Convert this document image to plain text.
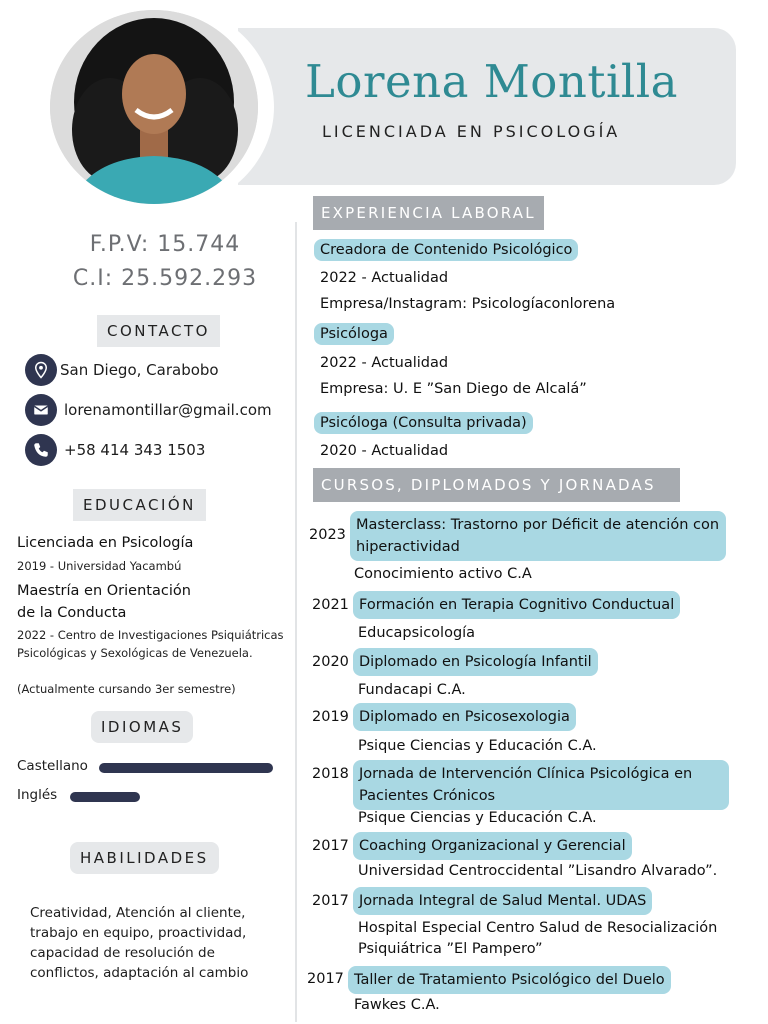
Lorena Montilla
LICENCIADA EN PSICOLOGÍA
F.P.V: 15.744
C.I: 25.592.293
CONTACTO
San Diego, Carabobo
lorenamontillar@gmail.com
+58 414 343 1503
EDUCACIÓN
Licenciada en Psicología
2019 - Universidad Yacambú
Maestría en Orientación
de la Conducta
2022 - Centro de Investigaciones Psiquiátricas Psicológicas y Sexológicas de Venezuela.
(Actualmente cursando 3er semestre)
IDIOMAS
Castellano
Inglés
HABILIDADES
Creatividad, Atención al cliente, trabajo en equipo, proactividad, capacidad de resolución de conflictos, adaptación al cambio
EXPERIENCIA LABORAL
Creadora de Contenido Psicológico
2022 - Actualidad
Empresa/Instagram: Psicologíaconlorena
Psicóloga
2022 - Actualidad
Empresa: U. E ”San Diego de Alcalá”
Psicóloga (Consulta privada)
2020 - Actualidad
CURSOS, DIPLOMADOS Y JORNADAS
2023
Masterclass: Trastorno por Déficit de atención con hiperactividad
Conocimiento activo C.A
2021 Formación en Terapia Cognitivo Conductual
Educapsicología
2020 Diplomado en Psicología Infantil
Fundacapi C.A.
2019 Diplomado en Psicosexologia
Psique Ciencias y Educación C.A.
2018 Jornada de Intervención Clínica Psicológica en Pacientes Crónicos
Psique Ciencias y Educación C.A.
2017 Coaching Organizacional y Gerencial
Universidad Centroccidental ”Lisandro Alvarado”.
2017 Jornada Integral de Salud Mental. UDAS
Hospital Especial Centro Salud de Resocialización Psiquiátrica ”El Pampero”
2017 Taller de Tratamiento Psicológico del Duelo
Fawkes C.A.
